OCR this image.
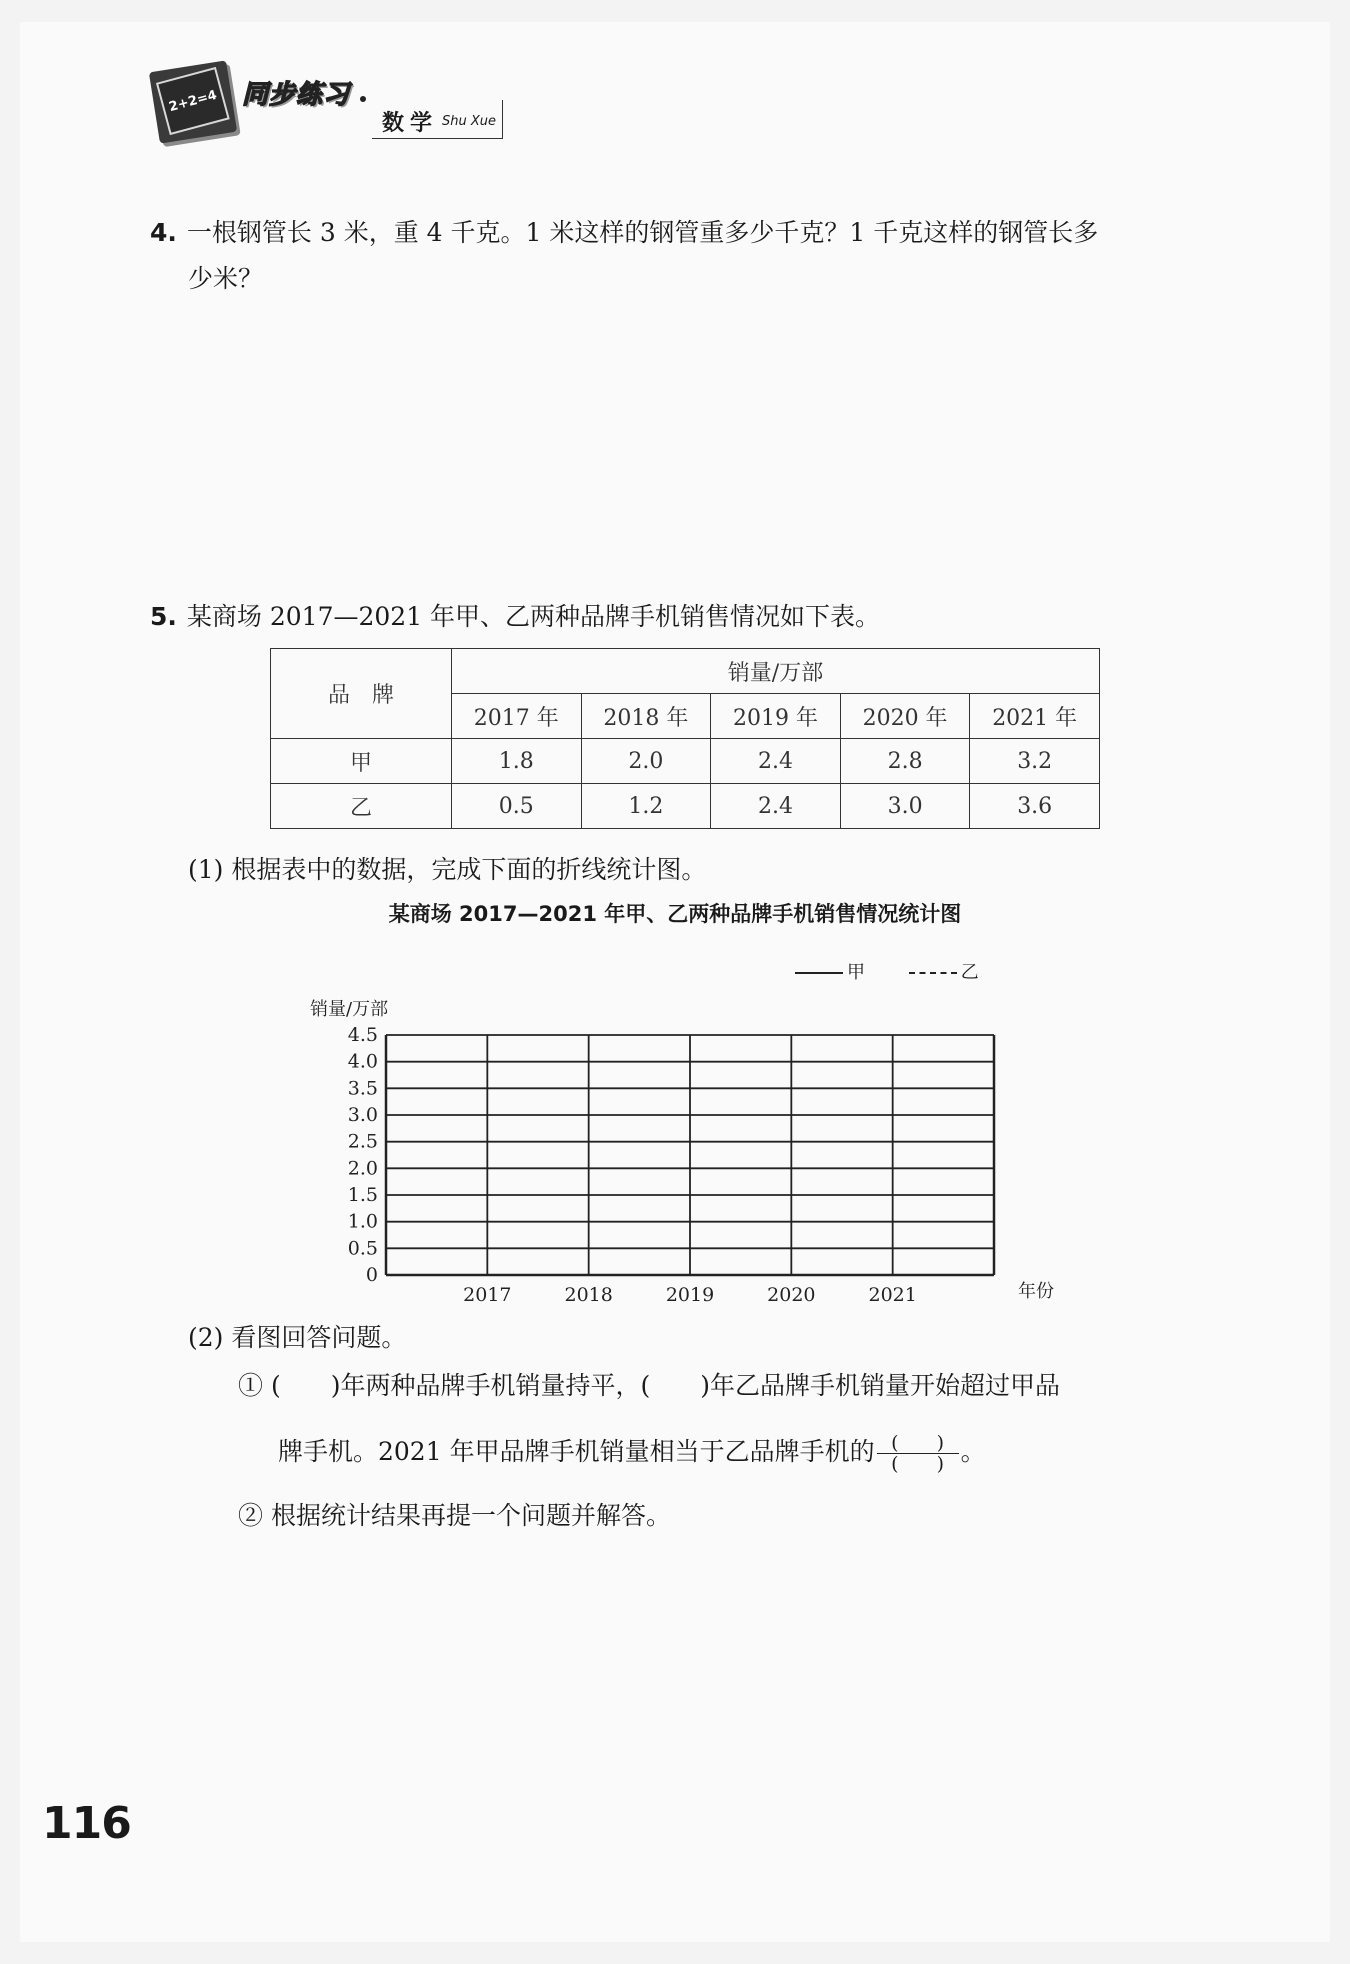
2+2=4 同步练习
数学 Shu Xue
4. 一根钢管长 3 米，重 4 千克。1 米这样的钢管重多少千克？1 千克这样的钢管长多
少米？
5. 某商场 2017—2021 年甲、乙两种品牌手机销售情况如下表。
品　牌	销量/万部				
	2017 年	2018 年	2019 年	2020 年	2021 年
甲	1.8	2.0	2.4	2.8	3.2
乙	0.5	1.2	2.4	3.0	3.6
(1) 根据表中的数据，完成下面的折线统计图。
某商场 2017—2021 年甲、乙两种品牌手机销售情况统计图
甲	乙
销量/万部
0
0.5
1.0
1.5
2.0
2.5
3.0
3.5
4.0
4.5
2017	2018	2019	2020	2021	年份
(2) 看图回答问题。
① (　　)年两种品牌手机销量持平，(　　)年乙品牌手机销量开始超过甲品
牌手机。2021 年甲品牌手机销量相当于乙品牌手机的 $\frac{( )}{( )}$ 。
② 根据统计结果再提一个问题并解答。
116
